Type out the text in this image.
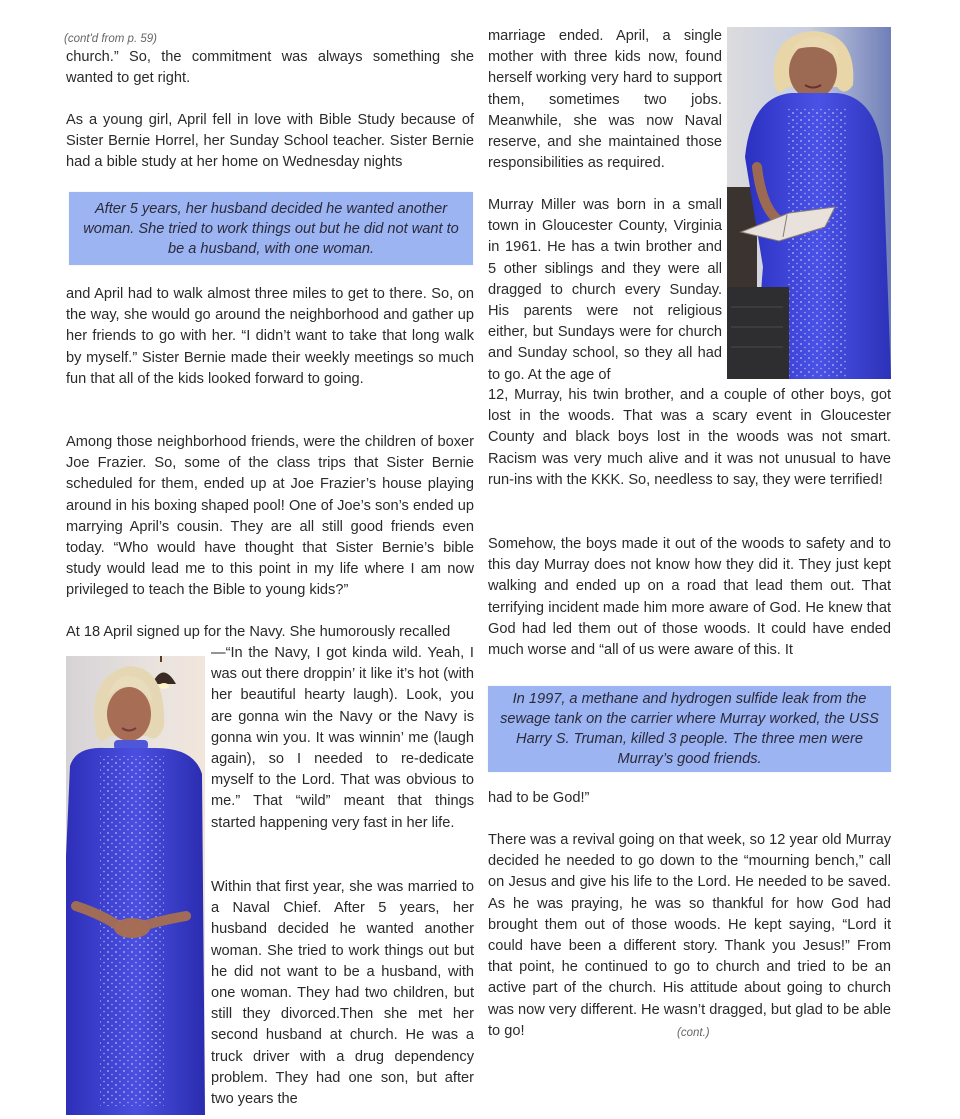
(cont'd from p. 59)

church.” So, the commitment was always something she wanted to get right.

As a young girl, April fell in love with Bible Study because of Sister Bernie Horrel, her Sunday School teacher. Sister Bernie had a bible study at her home on Wednesday nights

After 5 years, her husband decided he wanted another woman. She tried to work things out but he did not want to be a husband, with one woman.

and April had to walk almost three miles to get to there. So, on the way, she would go around the neighborhood and gather up her friends to go with her. “I didn’t want to take that long walk by myself.” Sister Bernie made their weekly meetings so much fun that all of the kids looked forward to going.

Among those neighborhood friends, were the children of boxer Joe Frazier. So, some of the class trips that Sister Bernie scheduled for them, ended up at Joe Frazier’s house playing around in his boxing shaped pool! One of Joe’s son’s ended up marrying April’s cousin. They are all still good friends even today. “Who would have thought that Sister Bernie’s bible study would lead me to this point in my life where I am now privileged to teach the Bible to young kids?”

At 18 April signed up for the Navy. She humorously recalled

—“In the Navy, I got kinda wild. Yeah, I was out there droppin’ it like it’s hot (with her beautiful hearty laugh). Look, you are gonna win the Navy or the Navy is gonna win you. It was winnin’ me (laugh again), so I needed to re-dedicate myself to the Lord. That was obvious to me.” That “wild” meant that things started happening very fast in her life.

Within that first year, she was married to a Naval Chief. After 5 years, her husband decided he wanted another woman. She tried to work things out but he did not want to be a husband, with one woman. They had two children, but still they divorced.Then she met her second husband at church. He was a truck driver with a drug dependency problem. They had one son, but after two years the

marriage ended. April, a single mother with three kids now, found herself working very hard to support them, sometimes two jobs. Meanwhile, she was now Naval reserve, and she maintained those responsibilities as required.

Murray Miller was born in a small town in Gloucester County, Virginia in 1961. He has a twin brother and 5 other siblings and they were all dragged to church every Sunday. His parents were not religious either, but Sundays were for church and Sunday school, so they all had to go. At the age of

12, Murray, his twin brother, and a couple of other boys, got lost in the woods. That was a scary event in Gloucester County and black boys lost in the woods was not smart. Racism was very much alive and it was not unusual to have run-ins with the KKK. So, needless to say, they were terrified!

Somehow, the boys made it out of the woods to safety and to this day Murray does not know how they did it. They just kept walking and ended up on a road that lead them out. That terrifying incident made him more aware of God. He knew that God had led them out of those woods. It could have ended much worse and “all of us were aware of this. It

In 1997, a methane and hydrogen sulfide leak from the sewage tank on the carrier where Murray worked, the USS Harry S. Truman, killed 3 people. The three men were Murray’s good friends.

had to be God!”

There was a revival going on that week, so 12 year old Murray decided he needed to go down to the “mourning bench,” call on Jesus and give his life to the Lord. He needed to be saved. As he was praying, he was so thankful for how God had brought them out of those woods. He kept saying, “Lord it could have been a different story. Thank you Jesus!” From that point, he continued to go to church and tried to be an active part of the church. His attitude about going to church was now very different. He wasn’t dragged, but glad to be able to go!	(cont.)
